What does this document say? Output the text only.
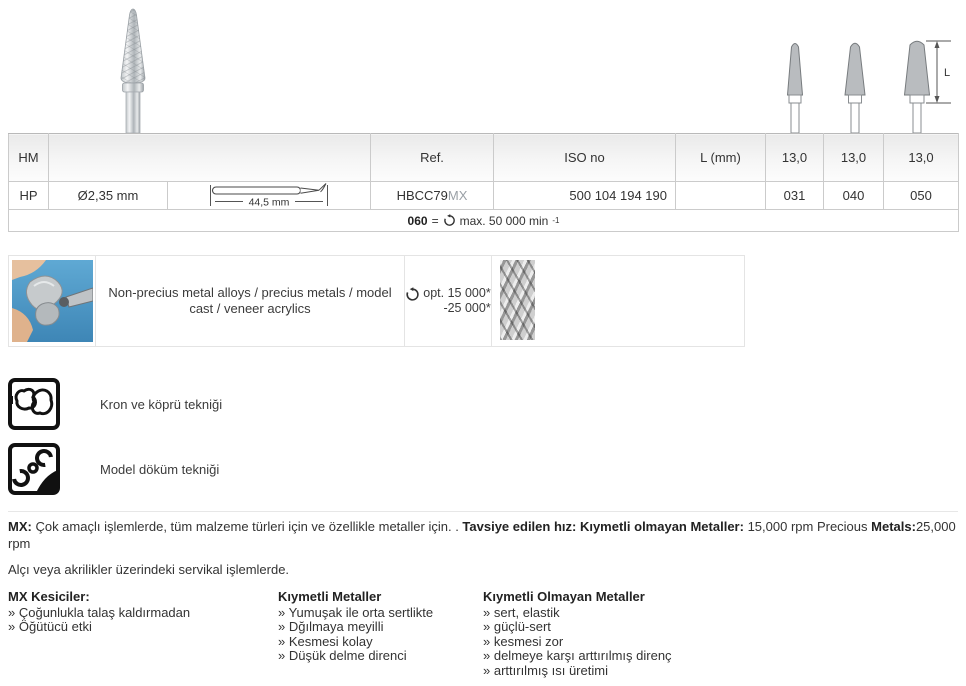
L
HM			Ref.	ISO no	L (mm)	13,0	13,0	13,0
HP	Ø2,35 mm	44,5 mm	HBCC79MX	500 104 194 190		031	040	050

060 = max. 50 000 min -1								
Non-precius metal alloys / precius metals / model cast / veneer acrylics
opt. 15 000*
-25 000*
Kron ve köprü tekniği
Model döküm tekniği
MX: Çok amaçlı işlemlerde, tüm malzeme türleri için ve özellikle metaller için. . Tavsiye edilen hız: Kıymetli olmayan Metaller: 15,000 rpm Precious Metals:25,000 rpm
Alçı veya akrilikler üzerindeki servikal işlemlerde.
MX Kesiciler:
» Çoğunlukla talaş kaldırmadan
» Öğütücü etki
Kıymetli Metaller
» Yumuşak ile orta sertlikte
» Dğılmaya meyilli
» Kesmesi kolay
» Düşük delme direnci
Kıymetli Olmayan Metaller
» sert, elastik
» güçlü-sert
» kesmesi zor
» delmeye karşı arttırılmış direnç
» arttırılmış ısı üretimi
